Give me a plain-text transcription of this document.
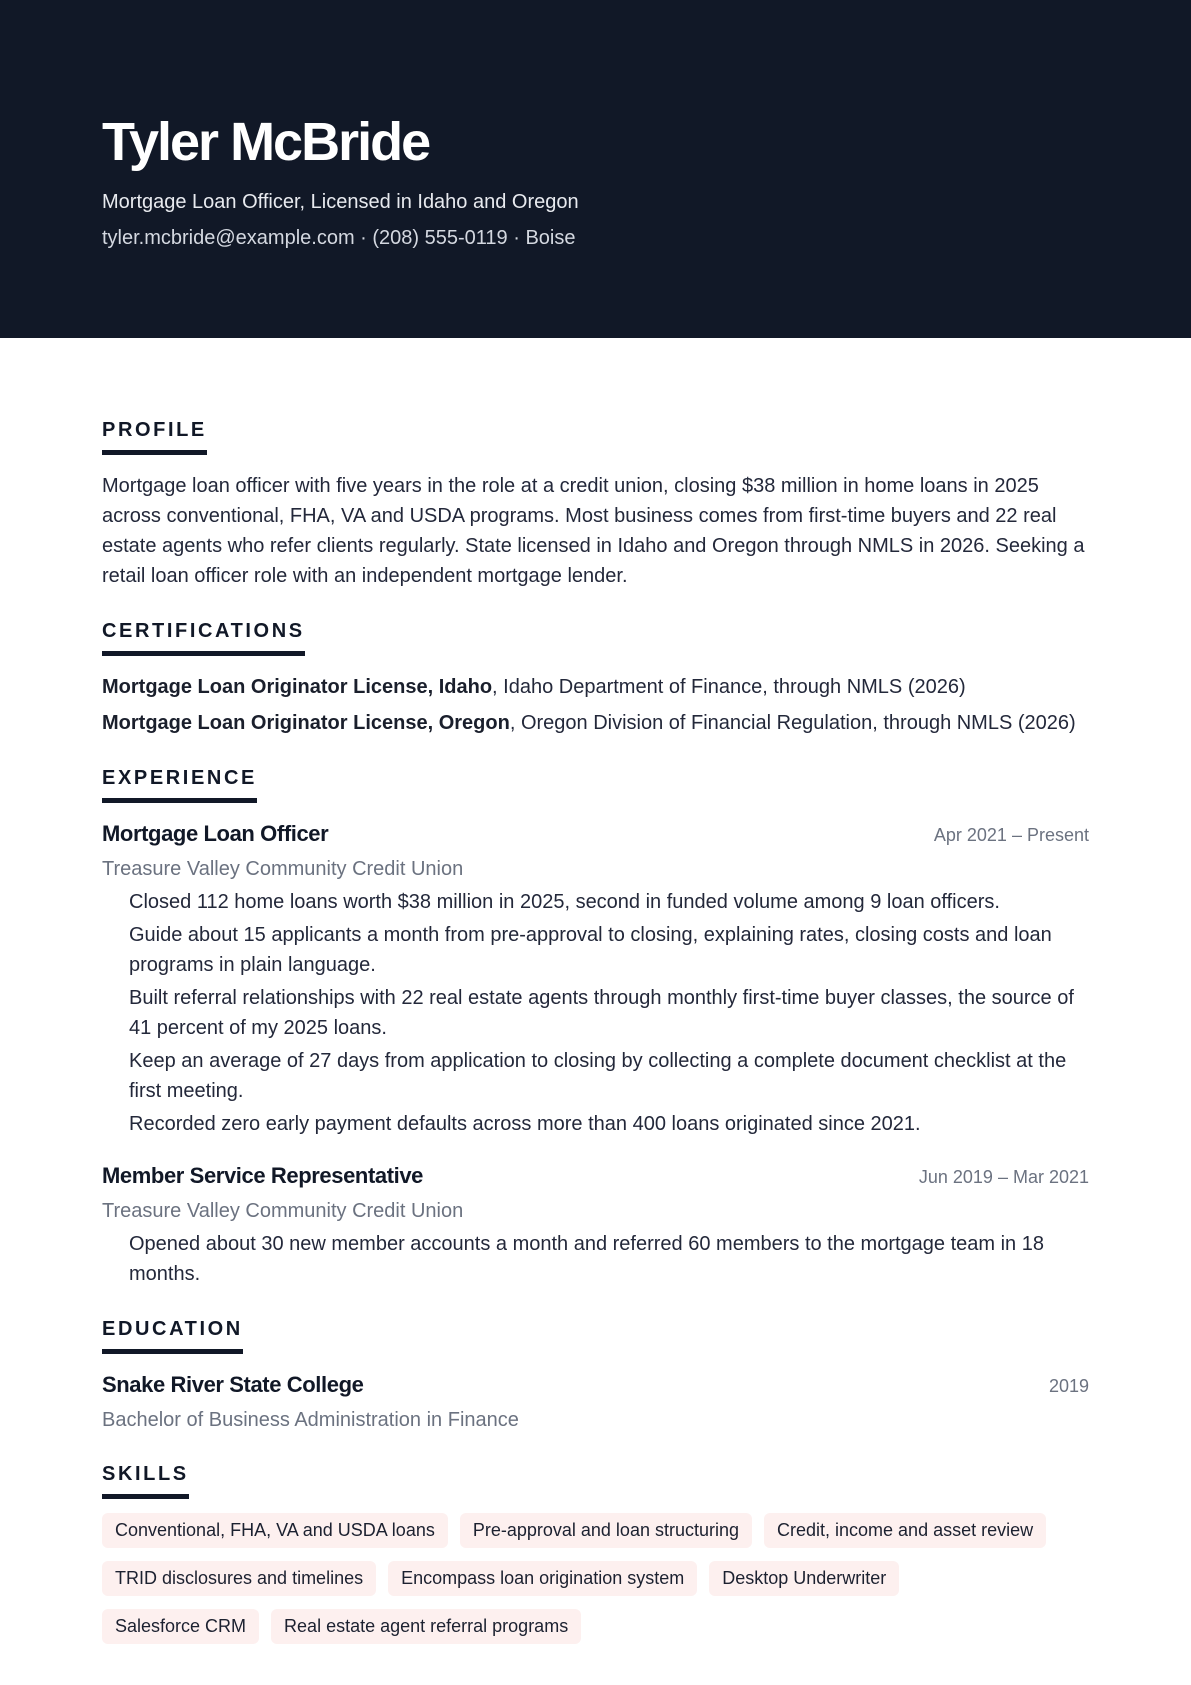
Tyler McBride
Mortgage Loan Officer, Licensed in Idaho and Oregon
tyler.mcbride@example.com · (208) 555-0119 · Boise
PROFILE
Mortgage loan officer with five years in the role at a credit union, closing $38 million in home loans in 2025 across conventional, FHA, VA and USDA programs. Most business comes from first-time buyers and 22 real estate agents who refer clients regularly. State licensed in Idaho and Oregon through NMLS in 2026. Seeking a retail loan officer role with an independent mortgage lender.
CERTIFICATIONS
Mortgage Loan Originator License, Idaho, Idaho Department of Finance, through NMLS (2026)
Mortgage Loan Originator License, Oregon, Oregon Division of Financial Regulation, through NMLS (2026)
EXPERIENCE
Mortgage Loan Officer	Apr 2021 – Present
Treasure Valley Community Credit Union
Closed 112 home loans worth $38 million in 2025, second in funded volume among 9 loan officers.
Guide about 15 applicants a month from pre-approval to closing, explaining rates, closing costs and loan programs in plain language.
Built referral relationships with 22 real estate agents through monthly first-time buyer classes, the source of 41 percent of my 2025 loans.
Keep an average of 27 days from application to closing by collecting a complete document checklist at the first meeting.
Recorded zero early payment defaults across more than 400 loans originated since 2021.
Member Service Representative	Jun 2019 – Mar 2021
Treasure Valley Community Credit Union
Opened about 30 new member accounts a month and referred 60 members to the mortgage team in 18 months.
EDUCATION
Snake River State College	2019
Bachelor of Business Administration in Finance
SKILLS
Conventional, FHA, VA and USDA loans	Pre-approval and loan structuring	Credit, income and asset review
TRID disclosures and timelines	Encompass loan origination system	Desktop Underwriter
Salesforce CRM	Real estate agent referral programs
